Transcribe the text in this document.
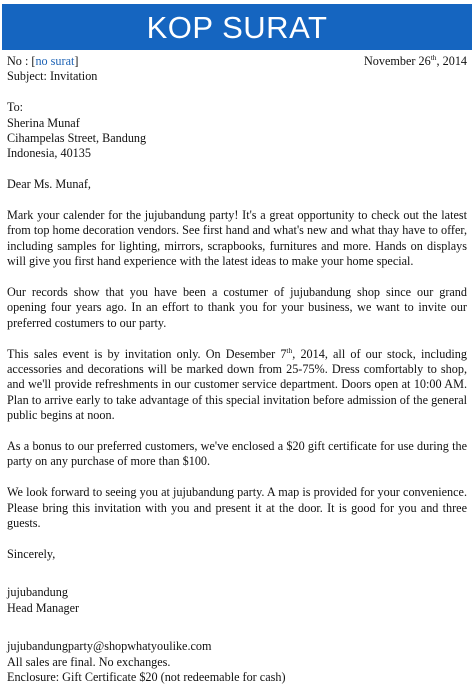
KOP SURAT
No : [no surat]	November 26th, 2014

Subject: Invitation

To:

Sherina Munaf

Cihampelas Street, Bandung

Indonesia, 40135

Dear Ms. Munaf,

Mark your calender for the jujubandung party! It's a great opportunity to check out the latest from top home decoration vendors. See first hand and what's new and what thay have to offer, including samples for lighting, mirrors, scrapbooks, furnitures and more. Hands on displays will give you first hand experience with the latest ideas to make your home special.

Our records show that you have been a costumer of jujubandung shop since our grand opening four years ago. In an effort to thank you for your business, we want to invite our preferred costumers to our party.

This sales event is by invitation only. On Desember 7th, 2014, all of our stock, including accessories and decorations will be marked down from 25-75%. Dress comfortably to shop, and we'll provide refreshments in our customer service department. Doors open at 10:00 AM. Plan to arrive early to take advantage of this special invitation before admission of the general public begins at noon.

As a bonus to our preferred customers, we've enclosed a $20 gift certificate for use during the party on any purchase of more than $100.

We look forward to seeing you at jujubandung party. A map is provided for your convenience. Please bring this invitation with you and present it at the door. It is good for you and three guests.

Sincerely,

jujubandung

Head Manager

jujubandungparty@shopwhatyoulike.com

All sales are final. No exchanges.

Enclosure: Gift Certificate $20 (not redeemable for cash)
